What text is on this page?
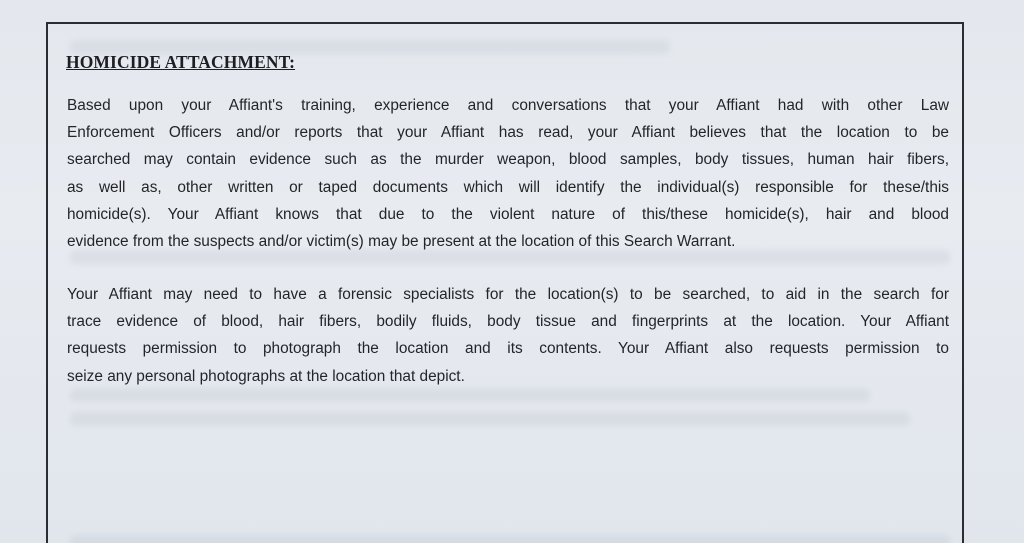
HOMICIDE ATTACHMENT:
Based upon your Affiant's training, experience and conversations that your Affiant had with other Law
Enforcement Officers and/or reports that your Affiant has read, your Affiant believes that the location to be
searched may contain evidence such as the murder weapon, blood samples, body tissues, human hair fibers,
as well as, other written or taped documents which will identify the individual(s) responsible for these/this
homicide(s). Your Affiant knows that due to the violent nature of this/these homicide(s), hair and blood
evidence from the suspects and/or victim(s) may be present at the location of this Search Warrant.
Your Affiant may need to have a forensic specialists for the location(s) to be searched, to aid in the search for
trace evidence of blood, hair fibers, bodily fluids, body tissue and fingerprints at the location. Your Affiant
requests permission to photograph the location and its contents. Your Affiant also requests permission to
seize any personal photographs at the location that depict.
